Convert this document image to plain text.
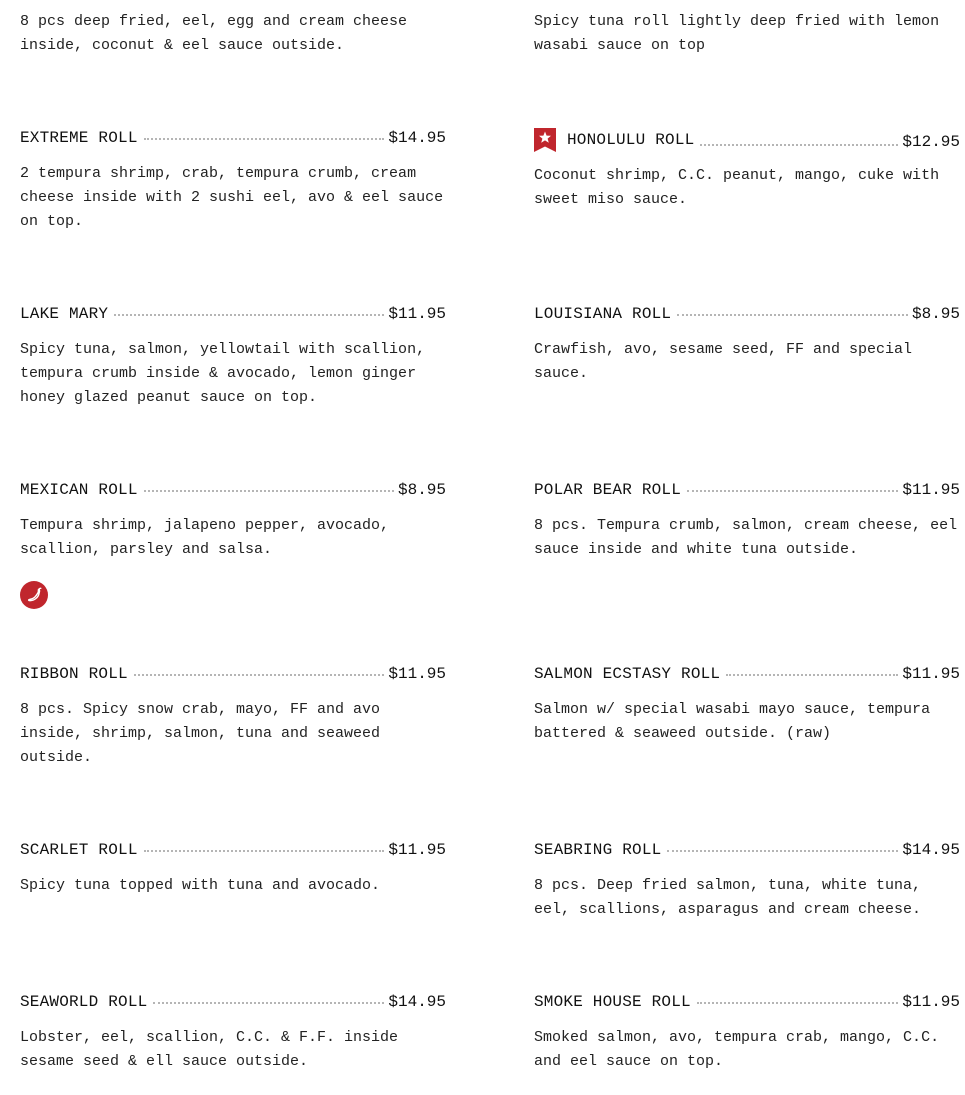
8 pcs deep fried, eel, egg and cream cheese inside, coconut & eel sauce outside.

EXTREME ROLL	$14.95

2 tempura shrimp, crab, tempura crumb, cream cheese inside with 2 sushi eel, avo & eel sauce on top.

LAKE MARY	$11.95

Spicy tuna, salmon, yellowtail with scallion, tempura crumb inside & avocado, lemon ginger honey glazed peanut sauce on top.

MEXICAN ROLL	$8.95

Tempura shrimp, jalapeno pepper, avocado, scallion, parsley and salsa.

RIBBON ROLL	$11.95

8 pcs. Spicy snow crab, mayo, FF and avo inside, shrimp, salmon, tuna and seaweed outside.

SCARLET ROLL	$11.95

Spicy tuna topped with tuna and avocado.

SEAWORLD ROLL	$14.95

Lobster, eel, scallion, C.C. & F.F. inside sesame seed & ell sauce outside.

Spicy tuna roll lightly deep fried with lemon wasabi sauce on top

HONOLULU ROLL	$12.95

Coconut shrimp, C.C. peanut, mango, cuke with sweet miso sauce.

LOUISIANA ROLL	$8.95

Crawfish, avo, sesame seed, FF and special sauce.

POLAR BEAR ROLL	$11.95

8 pcs. Tempura crumb, salmon, cream cheese, eel sauce inside and white tuna outside.

SALMON ECSTASY ROLL	$11.95

Salmon w/ special wasabi mayo sauce, tempura battered & seaweed outside. (raw)

SEABRING ROLL	$14.95

8 pcs. Deep fried salmon, tuna, white tuna, eel, scallions, asparagus and cream cheese.

SMOKE HOUSE ROLL	$11.95

Smoked salmon, avo, tempura crab, mango, C.C. and eel sauce on top.
